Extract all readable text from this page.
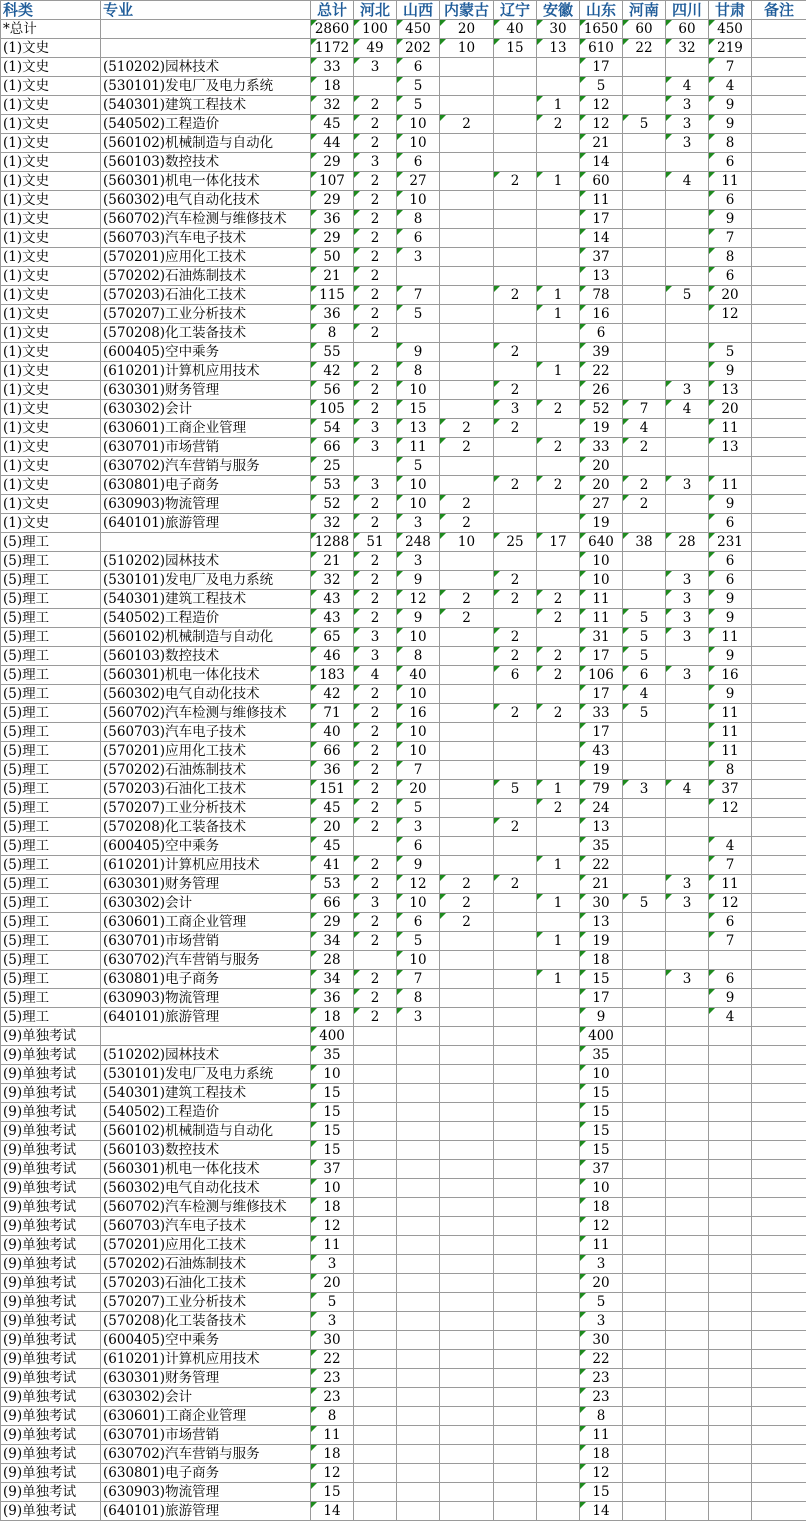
科类	专业	总计	河北	山西	内蒙古	辽宁	安徽	山东	河南	四川	甘肃	备注
*总计		2860	100	450	20	40	30	1650	60	60	450	
(1)文史		1172	49	202	10	15	13	610	22	32	219	
(1)文史	(510202)园林技术	33	3	6				17			7	
(1)文史	(530101)发电厂及电力系统	18		5				5		4	4	
(1)文史	(540301)建筑工程技术	32	2	5			1	12		3	9	
(1)文史	(540502)工程造价	45	2	10	2		2	12	5	3	9	
(1)文史	(560102)机械制造与自动化	44	2	10				21		3	8	
(1)文史	(560103)数控技术	29	3	6				14			6	
(1)文史	(560301)机电一体化技术	107	2	27		2	1	60		4	11	
(1)文史	(560302)电气自动化技术	29	2	10				11			6	
(1)文史	(560702)汽车检测与维修技术	36	2	8				17			9	
(1)文史	(560703)汽车电子技术	29	2	6				14			7	
(1)文史	(570201)应用化工技术	50	2	3				37			8	
(1)文史	(570202)石油炼制技术	21	2					13			6	
(1)文史	(570203)石油化工技术	115	2	7		2	1	78		5	20	
(1)文史	(570207)工业分析技术	36	2	5			1	16			12	
(1)文史	(570208)化工装备技术	8	2					6				
(1)文史	(600405)空中乘务	55		9		2		39			5	
(1)文史	(610201)计算机应用技术	42	2	8			1	22			9	
(1)文史	(630301)财务管理	56	2	10		2		26		3	13	
(1)文史	(630302)会计	105	2	15		3	2	52	7	4	20	
(1)文史	(630601)工商企业管理	54	3	13	2	2		19	4		11	
(1)文史	(630701)市场营销	66	3	11	2		2	33	2		13	
(1)文史	(630702)汽车营销与服务	25		5				20				
(1)文史	(630801)电子商务	53	3	10		2	2	20	2	3	11	
(1)文史	(630903)物流管理	52	2	10	2			27	2		9	
(1)文史	(640101)旅游管理	32	2	3	2			19			6	
(5)理工		1288	51	248	10	25	17	640	38	28	231	
(5)理工	(510202)园林技术	21	2	3				10			6	
(5)理工	(530101)发电厂及电力系统	32	2	9		2		10		3	6	
(5)理工	(540301)建筑工程技术	43	2	12	2	2	2	11		3	9	
(5)理工	(540502)工程造价	43	2	9	2		2	11	5	3	9	
(5)理工	(560102)机械制造与自动化	65	3	10		2		31	5	3	11	
(5)理工	(560103)数控技术	46	3	8		2	2	17	5		9	
(5)理工	(560301)机电一体化技术	183	4	40		6	2	106	6	3	16	
(5)理工	(560302)电气自动化技术	42	2	10				17	4		9	
(5)理工	(560702)汽车检测与维修技术	71	2	16		2	2	33	5		11	
(5)理工	(560703)汽车电子技术	40	2	10				17			11	
(5)理工	(570201)应用化工技术	66	2	10				43			11	
(5)理工	(570202)石油炼制技术	36	2	7				19			8	
(5)理工	(570203)石油化工技术	151	2	20		5	1	79	3	4	37	
(5)理工	(570207)工业分析技术	45	2	5			2	24			12	
(5)理工	(570208)化工装备技术	20	2	3		2		13				
(5)理工	(600405)空中乘务	45		6				35			4	
(5)理工	(610201)计算机应用技术	41	2	9			1	22			7	
(5)理工	(630301)财务管理	53	2	12	2	2		21		3	11	
(5)理工	(630302)会计	66	3	10	2		1	30	5	3	12	
(5)理工	(630601)工商企业管理	29	2	6	2			13			6	
(5)理工	(630701)市场营销	34	2	5			1	19			7	
(5)理工	(630702)汽车营销与服务	28		10				18				
(5)理工	(630801)电子商务	34	2	7			1	15		3	6	
(5)理工	(630903)物流管理	36	2	8				17			9	
(5)理工	(640101)旅游管理	18	2	3				9			4	
(9)单独考试		400						400				
(9)单独考试	(510202)园林技术	35						35				
(9)单独考试	(530101)发电厂及电力系统	10						10				
(9)单独考试	(540301)建筑工程技术	15						15				
(9)单独考试	(540502)工程造价	15						15				
(9)单独考试	(560102)机械制造与自动化	15						15				
(9)单独考试	(560103)数控技术	15						15				
(9)单独考试	(560301)机电一体化技术	37						37				
(9)单独考试	(560302)电气自动化技术	10						10				
(9)单独考试	(560702)汽车检测与维修技术	18						18				
(9)单独考试	(560703)汽车电子技术	12						12				
(9)单独考试	(570201)应用化工技术	11						11				
(9)单独考试	(570202)石油炼制技术	3						3				
(9)单独考试	(570203)石油化工技术	20						20				
(9)单独考试	(570207)工业分析技术	5						5				
(9)单独考试	(570208)化工装备技术	3						3				
(9)单独考试	(600405)空中乘务	30						30				
(9)单独考试	(610201)计算机应用技术	22						22				
(9)单独考试	(630301)财务管理	23						23				
(9)单独考试	(630302)会计	23						23				
(9)单独考试	(630601)工商企业管理	8						8				
(9)单独考试	(630701)市场营销	11						11				
(9)单独考试	(630702)汽车营销与服务	18						18				
(9)单独考试	(630801)电子商务	12						12				
(9)单独考试	(630903)物流管理	15						15				
(9)单独考试	(640101)旅游管理	14						14				
